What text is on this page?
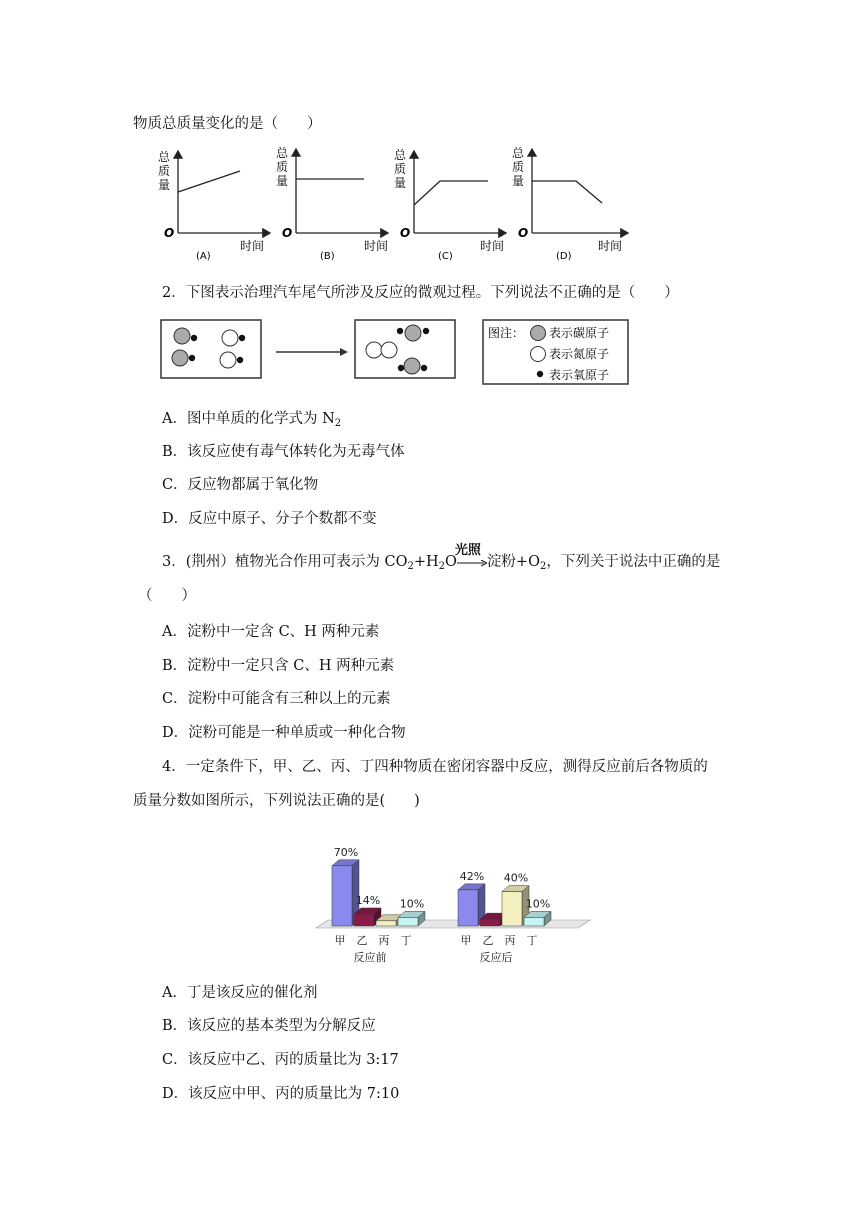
物质总质量变化的是（　　）
总
质
量
O
时间
(A)
总
质
量
O
时间
(B)
总
质
量
O
时间
(C)
总
质
量
O
时间
(D)
2．下图表示治理汽车尾气所涉及反应的微观过程。下列说法不正确的是（　　）
图注： 表示碳原子
表示氮原子
表示氧原子
A．图中单质的化学式为 $N_2$
B．该反应使有毒气体转化为无毒气体
C．反应物都属于氧化物
D．反应中原子、分子个数都不变
3．(荆州）植物光合作用可表示为 $CO_2+H_2O$
光照
淀粉$+O_2$，下列关于说法中正确的是
（　　）
A．淀粉中一定含 C、H 两种元素
B．淀粉中一定只含 C、H 两种元素
C．淀粉中可能含有三种以上的元素
D．淀粉可能是一种单质或一种化合物
4．一定条件下，甲、乙、丙、丁四种物质在密闭容器中反应，测得反应前后各物质的
质量分数如图所示，下列说法正确的是(　　)
70%
14% 10%
甲 乙 丙 丁
反应前
42% 40%
10%
甲 乙 丙 丁
反应后
A．丁是该反应的催化剂
B．该反应的基本类型为分解反应
C．该反应中乙、丙的质量比为 3:17
D．该反应中甲、丙的质量比为 7:10
